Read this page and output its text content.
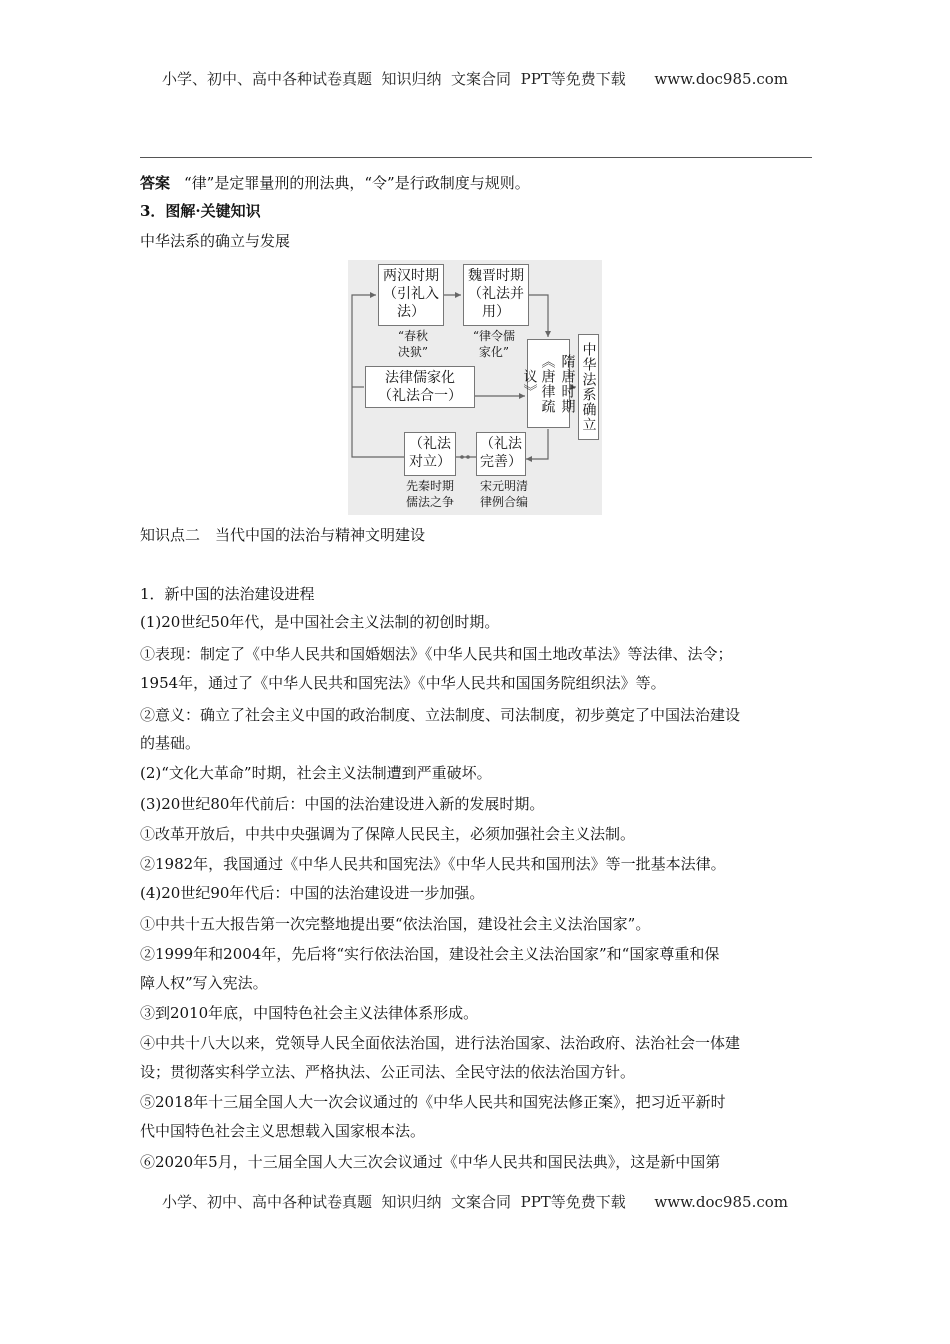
小学、初中、高中各种试卷真题  知识归纳  文案合同  PPT等免费下载      www.doc985.com
答案 “律”是定罪量刑的刑法典，“令”是行政制度与规则。
3．图解·关键知识
中华法系的确立与发展
两汉时期（引礼入法）
“春秋
决狱”
魏晋时期（礼法并用）
“律令儒
家化”
法律儒家化（礼法合一）	《唐律疏议》	隋唐时期 中华法系确立
（礼法对立）
先秦时期
儒法之争
（礼法完善）
宋元明清
律例合编
知识点二　当代中国的法治与精神文明建设
1．新中国的法治建设进程
(1)20世纪50年代，是中国社会主义法制的初创时期。
①表现：制定了《中华人民共和国婚姻法》《中华人民共和国土地改革法》等法律、法令；
1954年，通过了《中华人民共和国宪法》《中华人民共和国国务院组织法》等。
②意义：确立了社会主义中国的政治制度、立法制度、司法制度，初步奠定了中国法治建设
的基础。
(2)“文化大革命”时期，社会主义法制遭到严重破坏。
(3)20世纪80年代前后：中国的法治建设进入新的发展时期。
①改革开放后，中共中央强调为了保障人民民主，必须加强社会主义法制。
②1982年，我国通过《中华人民共和国宪法》《中华人民共和国刑法》等一批基本法律。
(4)20世纪90年代后：中国的法治建设进一步加强。
①中共十五大报告第一次完整地提出要“依法治国，建设社会主义法治国家”。
②1999年和2004年，先后将“实行依法治国，建设社会主义法治国家”和“国家尊重和保
障人权”写入宪法。
③到2010年底，中国特色社会主义法律体系形成。
④中共十八大以来，党领导人民全面依法治国，进行法治国家、法治政府、法治社会一体建
设；贯彻落实科学立法、严格执法、公正司法、全民守法的依法治国方针。
⑤2018年十三届全国人大一次会议通过的《中华人民共和国宪法修正案》，把习近平新时
代中国特色社会主义思想载入国家根本法。
⑥2020年5月，十三届全国人大三次会议通过《中华人民共和国民法典》，这是新中国第
小学、初中、高中各种试卷真题  知识归纳  文案合同  PPT等免费下载      www.doc985.com
